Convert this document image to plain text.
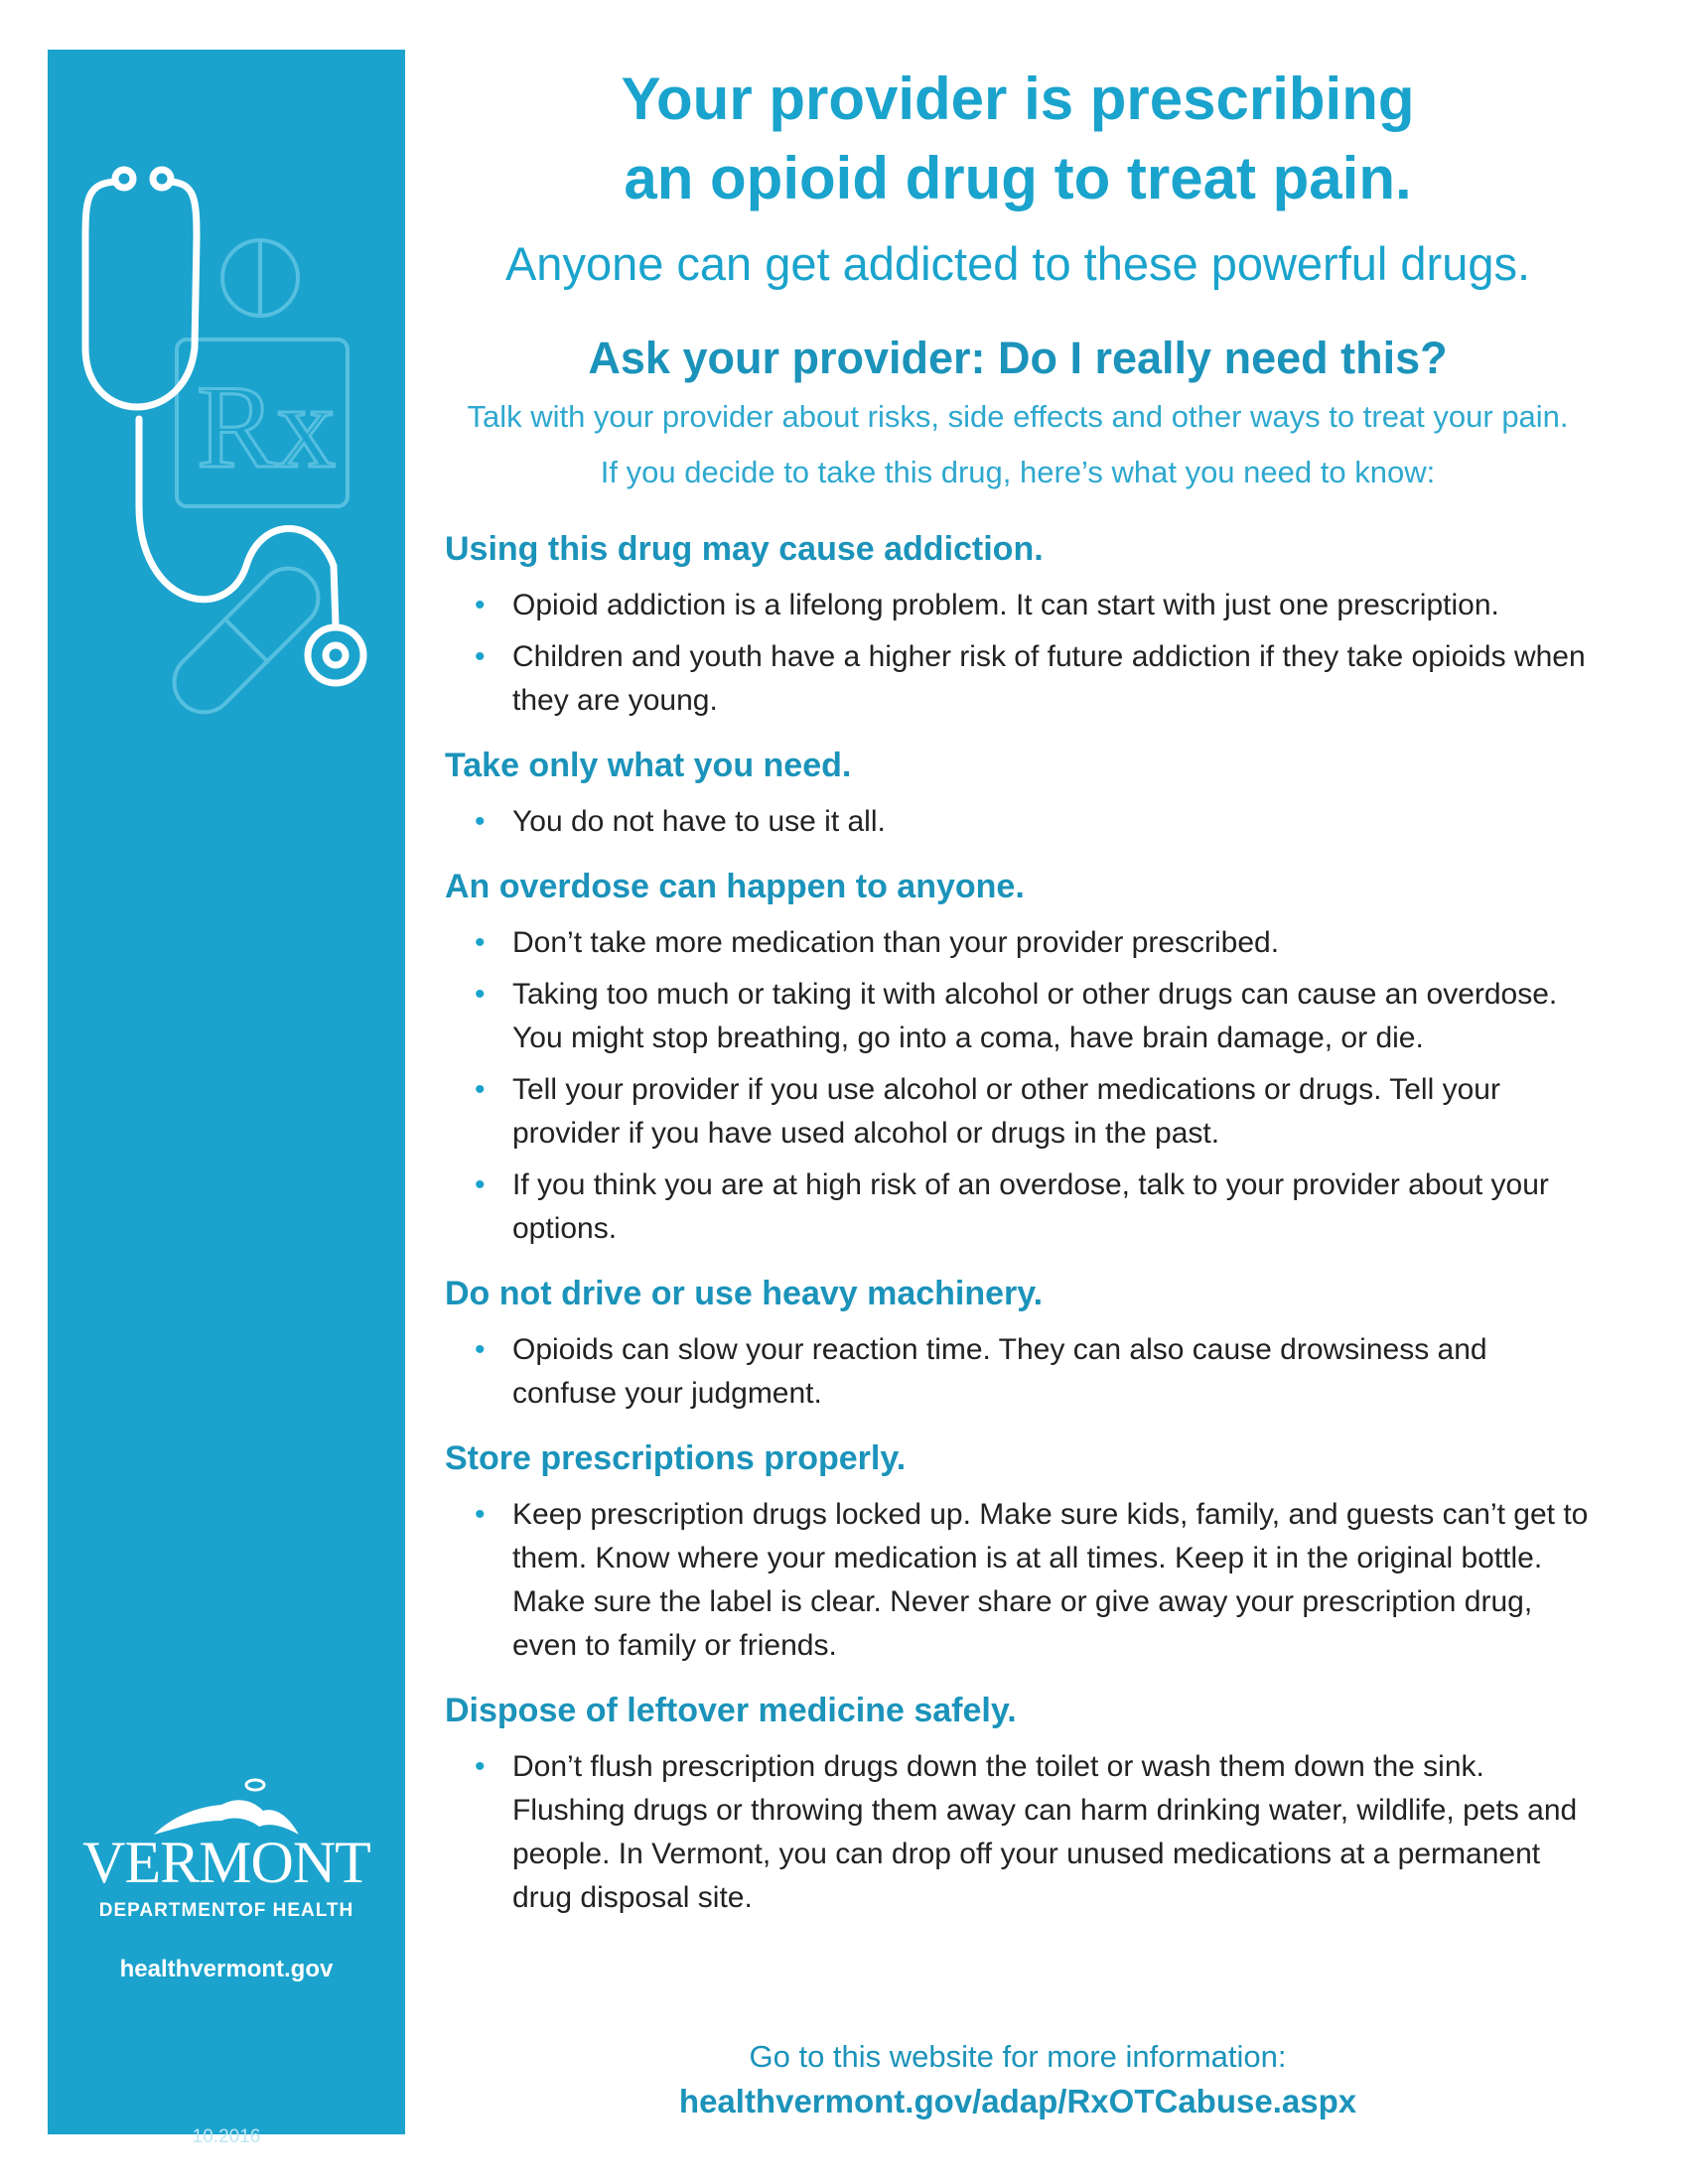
Rx
VERMONT
DEPARTMENTOF HEALTH
healthvermont.gov
10.2016
Your provider is prescribing
an opioid drug to treat pain.
Anyone can get addicted to these powerful drugs.
Ask your provider: Do I really need this?
Talk with your provider about risks, side effects and other ways to treat your pain.
If you decide to take this drug, here’s what you need to know:
Using this drug may cause addiction.
• Opioid addiction is a lifelong problem. It can start with just one prescription.
• Children and youth have a higher risk of future addiction if they take opioids when they are young.
Take only what you need.
• You do not have to use it all.
An overdose can happen to anyone.
• Don’t take more medication than your provider prescribed.
• Taking too much or taking it with alcohol or other drugs can cause an overdose. You might stop breathing, go into a coma, have brain damage, or die.
• Tell your provider if you use alcohol or other medications or drugs. Tell your provider if you have used alcohol or drugs in the past.
• If you think you are at high risk of an overdose, talk to your provider about your options.
Do not drive or use heavy machinery.
• Opioids can slow your reaction time. They can also cause drowsiness and confuse your judgment.
Store prescriptions properly.
• Keep prescription drugs locked up. Make sure kids, family, and guests can’t get to them. Know where your medication is at all times. Keep it in the original bottle. Make sure the label is clear. Never share or give away your prescription drug, even to family or friends.
Dispose of leftover medicine safely.
• Don’t flush prescription drugs down the toilet or wash them down the sink. Flushing drugs or throwing them away can harm drinking water, wildlife, pets and people. In Vermont, you can drop off your unused medications at a permanent drug disposal site.
Go to this website for more information:
healthvermont.gov/adap/RxOTCabuse.aspx
